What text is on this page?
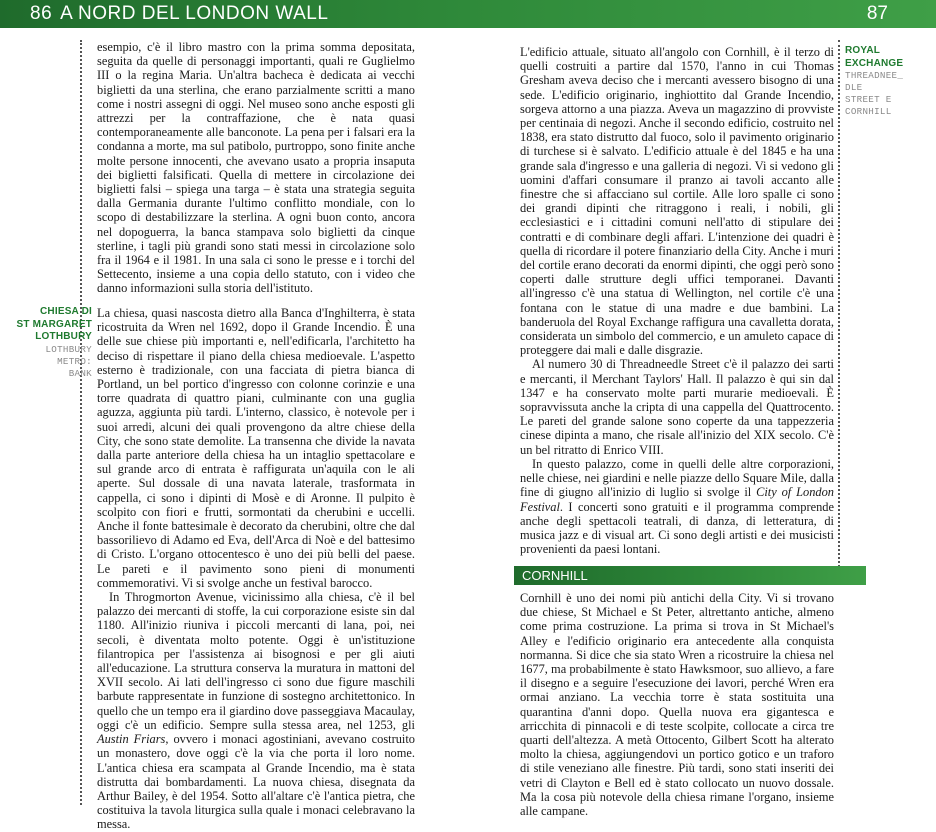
86 A NORD DEL LONDON WALL	87

esempio, c'è il libro mastro con la prima somma depositata, seguita da quelle di personaggi importanti, quali re Guglielmo III o la regina Maria. Un'altra bacheca è dedicata ai vecchi biglietti da una sterlina, che erano parzialmente scritti a mano come i nostri assegni di oggi. Nel museo sono anche esposti gli attrezzi per la contraffazione, che è nata quasi contemporaneamente alle banconote. La pena per i falsari era la condanna a morte, ma sul patibolo, purtroppo, sono finite anche molte persone innocenti, che avevano usato a propria insaputa dei biglietti falsificati. Quella di mettere in circolazione dei biglietti falsi – spiega una targa – è stata una strategia seguita dalla Germania durante l'ultimo conflitto mondiale, con lo scopo di destabilizzare la sterlina. A ogni buon conto, ancora nel dopoguerra, la banca stampava solo biglietti da cinque sterline, i tagli più grandi sono stati messi in circolazione solo fra il 1964 e il 1981. In una sala ci sono le presse e i torchi del Settecento, insieme a una copia dello statuto, con i video che danno informazioni sulla storia dell'istituto.

CHIESA DI
ST MARGARET
LOTHBURY
LOTHBURY
METRO:
BANK

La chiesa, quasi nascosta dietro alla Banca d'Inghilterra, è stata ricostruita da Wren nel 1692, dopo il Grande Incendio. È una delle sue chiese più importanti e, nell'edificarla, l'architetto ha deciso di rispettare il piano della chiesa medioevale. L'aspetto esterno è tradizionale, con una facciata di pietra bianca di Portland, un bel portico d'ingresso con colonne corinzie e una torre quadrata di quattro piani, culminante con una guglia aguzza, aggiunta più tardi. L'interno, classico, è notevole per i suoi arredi, alcuni dei quali provengono da altre chiese della City, che sono state demolite. La transenna che divide la navata dalla parte anteriore della chiesa ha un intaglio spettacolare e sul grande arco di entrata è raffigurata un'aquila con le ali aperte. Sul dossale di una navata laterale, trasformata in cappella, ci sono i dipinti di Mosè e di Aronne. Il pulpito è scolpito con fiori e frutti, sormontati da cherubini e uccelli. Anche il fonte battesimale è decorato da cherubini, oltre che dal bassorilievo di Adamo ed Eva, dell'Arca di Noè e del battesimo di Cristo. L'organo ottocentesco è uno dei più belli del paese. Le pareti e il pavimento sono pieni di monumenti commemorativi. Vi si svolge anche un festival barocco.

In Throgmorton Avenue, vicinissimo alla chiesa, c'è il bel palazzo dei mercanti di stoffe, la cui corporazione esiste sin dal 1180. All'inizio riuniva i piccoli mercanti di lana, poi, nei secoli, è diventata molto potente. Oggi è un'istituzione filantropica per l'assistenza ai bisognosi e per gli aiuti all'educazione. La struttura conserva la muratura in mattoni del XVII secolo. Ai lati dell'ingresso ci sono due figure maschili barbute rappresentate in funzione di sostegno architettonico. In quello che un tempo era il giardino dove passeggiava Macaulay, oggi c'è un edificio. Sempre sulla stessa area, nel 1253, gli Austin Friars, ovvero i monaci agostiniani, avevano costruito un monastero, dove oggi c'è la via che porta il loro nome. L'antica chiesa era scampata al Grande Incendio, ma è stata distrutta dai bombardamenti. La nuova chiesa, disegnata da Arthur Bailey, è del 1954. Sotto all'altare c'è l'antica pietra, che costituiva la tavola liturgica sulla quale i monaci celebravano la messa.

ROYAL
EXCHANGE
THREADNEE_
DLE
STREET E
CORNHILL

L'edificio attuale, situato all'angolo con Cornhill, è il terzo di quelli costruiti a partire dal 1570, l'anno in cui Thomas Gresham aveva deciso che i mercanti avessero bisogno di una sede. L'edificio originario, inghiottito dal Grande Incendio, sorgeva attorno a una piazza. Aveva un magazzino di provviste per centinaia di negozi. Anche il secondo edificio, costruito nel 1838, era stato distrutto dal fuoco, solo il pavimento originario di turchese si è salvato. L'edificio attuale è del 1845 e ha una grande sala d'ingresso e una galleria di negozi. Vi si vedono gli uomini d'affari consumare il pranzo ai tavoli accanto alle finestre che si affacciano sul cortile. Alle loro spalle ci sono dei grandi dipinti che ritraggono i reali, i nobili, gli ecclesiastici e i cittadini comuni nell'atto di stipulare dei contratti e di combinare degli affari. L'intenzione dei quadri è quella di ricordare il potere finanziario della City. Anche i muri del cortile erano decorati da enormi dipinti, che oggi però sono coperti dalle strutture degli uffici temporanei. Davanti all'ingresso c'è una statua di Wellington, nel cortile c'è una fontana con le statue di una madre e due bambini. La banderuola del Royal Exchange raffigura una cavalletta dorata, considerata un simbolo del commercio, e un amuleto capace di proteggere dai mali e dalle disgrazie.

Al numero 30 di Threadneedle Street c'è il palazzo dei sarti e mercanti, il Merchant Taylors' Hall. Il palazzo è qui sin dal 1347 e ha conservato molte parti murarie medioevali. È sopravvissuta anche la cripta di una cappella del Quattrocento. Le pareti del grande salone sono coperte da una tappezzeria cinese dipinta a mano, che risale all'inizio del XIX secolo. C'è un bel ritratto di Enrico VIII.

In questo palazzo, come in quelli delle altre corporazioni, nelle chiese, nei giardini e nelle piazze dello Square Mile, dalla fine di giugno all'inizio di luglio si svolge il City of London Festival. I concerti sono gratuiti e il programma comprende anche degli spettacoli teatrali, di danza, di letteratura, di musica jazz e di visual art. Ci sono degli artisti e dei musicisti provenienti da paesi lontani.

CORNHILL

Cornhill è uno dei nomi più antichi della City. Vi si trovano due chiese, St Michael e St Peter, altrettanto antiche, almeno come prima costruzione. La prima si trova in St Michael's Alley e l'edificio originario era antecedente alla conquista normanna. Si dice che sia stato Wren a ricostruire la chiesa nel 1677, ma probabilmente è stato Hawksmoor, suo allievo, a fare il disegno e a seguire l'esecuzione dei lavori, perché Wren era ormai anziano. La vecchia torre è stata sostituita una quarantina d'anni dopo. Quella nuova era gigantesca e arricchita di pinnacoli e di teste scolpite, collocate a circa tre quarti dell'altezza. A metà Ottocento, Gilbert Scott ha alterato molto la chiesa, aggiungendovi un portico gotico e un traforo di stile veneziano alle finestre. Più tardi, sono stati inseriti dei vetri di Clayton e Bell ed è stato collocato un nuovo dossale. Ma la cosa più notevole della chiesa rimane l'organo, insieme alle campane.
